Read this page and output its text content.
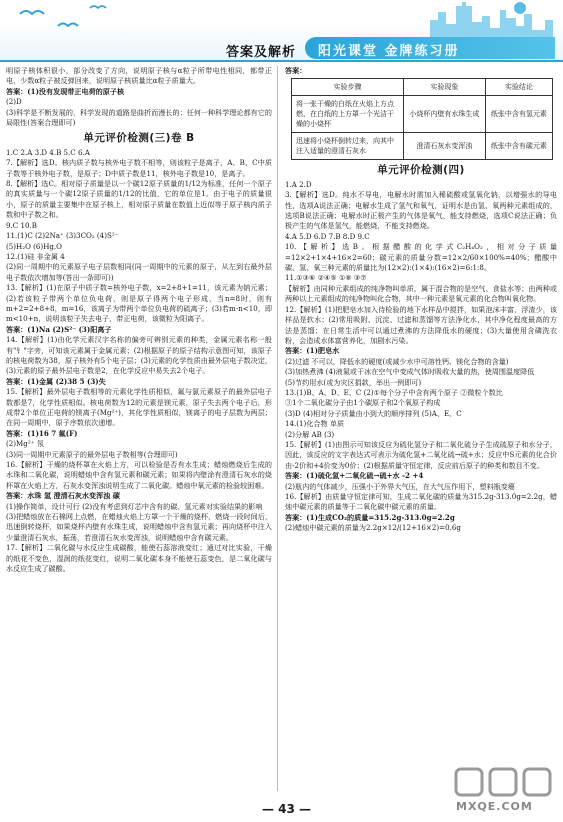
答案及解析 阳光课堂 金牌练习册

明原子核体积很小，部分改变了方向，说明原子核与α粒子所带电性相同，都带正电，少数α粒子被反弹回来，说明原子核质量比α粒子质量大。

答案：(1)没有发现带正电荷的原子核

(2)D

(3)科学是不断发展的，科学发现的道路是曲折而漫长的；任何一种科学理论都有它的局限性(答案合理即可)

单元评价检测(三)卷 B

1.C 2.A 3.D 4.B 5.C 6.A

7.【解析】选D。核内质子数与核外电子数不相等，则该粒子是离子，A、B、C中质子数等于核外电子数，是原子；D中质子数是11，核外电子数是10，是离子。

8.【解析】选C。相对原子质量是以一个碳12原子质量的1/12为标准，任何一个原子的真实质量与一个碳12原子质量的1/12的比值，它的单位是1。由于电子的质量很小，原子的质量主要集中在原子核上，相对原子质量在数值上近似等于原子核内质子数和中子数之和。

9.C 10.B

11.(1)C (2)2Na⁺ (3)3CO₂ (4)S²⁻

(5)H₂O (6)Hg,O

12.(1)硅 非金属 4

(2)同一周期中的元素原子电子层数相同(同一周期中的元素的原子，从左到右最外层电子数依次增加等(答出一条即可))

13.【解析】(1)在原子中质子数=核外电子数，x=2+8+1=11，该元素为钠元素；(2)若该粒子带两个单位负电荷，则是原子得两个电子形成，当n=8时，则有m+2=2+8+8，m=16，该离子为带两个单位负电荷的硫离子；(3)若m-n<10，即m<10+n，说明该粒子失去电子，带正电荷，该微粒为阳离子。

答案：(1)Na (2)S²⁻ (3)阳离子

14.【解析】(1)由化学元素汉字名称的偏旁可辨别元素的种类，金属元素名称一般有"钅"字旁，可知该元素属于金属元素；(2)根据原子的原子结构示意图可知，该原子的核电荷数为38，原子核外有5个电子层；(3)元素的化学性质由最外层电子数决定，(3)元素的原子最外层电子数是2，在化学反应中易失去2个电子。

答案：(1)金属 (2)38 5 (3)失

15.【解析】最外层电子数相等的元素化学性质相似，氟与氯元素原子的最外层电子数都是7，化学性质相似。核电荷数为12的元素是镁元素，原子失去两个电子后，形成带2个单位正电荷的镁离子(Mg²⁺)，其化学性质相似，镁离子的电子层数为两层；在同一周期中，原子序数依次递增。

答案：(1)16 7 氟(F)

(2)Mg²⁺ 氖

(3)同一周期中元素原子的最外层电子数相等(合理即可)

16.【解析】干燥的烧杯罩在火焰上方，可以检验是否有水生成；蜡烛燃烧后生成的水珠和二氧化碳，说明蜡烛中含有氢元素和碳元素；如果将内壁涂有澄清石灰水的烧杯罩在火焰上方，石灰水变浑浊说明生成了二氧化碳。蜡烛中氧元素的检验较困难。

答案：水珠 氢 澄清石灰水变浑浊 碳

(1)操作简单，设计可行 (2)没有考虑到灯芯中含有的碳、氢元素对实验结果的影响

(3)把蜡烛放在石棉网上点燃，在蜡烛火焰上方罩一个干燥的烧杯，燃烧一段时间后，迅速倒转烧杯，如果烧杯内壁有水珠生成，说明蜡烛中含有氢元素；再向烧杯中注入少量澄清石灰水，振荡，若澄清石灰水变浑浊，说明蜡烛中含有碳元素。

17.【解析】二氧化碳与水反应生成碳酸，能使石蕊溶液变红；通过对比实验，干燥的纸花不变色，湿润的纸花变红，说明二氧化碳本身不能使石蕊变色，是二氧化碳与水反应生成了碳酸。

答案：

实验步骤	实验现象	实验结论
将一张干燥的白纸在火焰上方点燃，在白纸的上方罩一个光洁干燥的小烧杯	小烧杯内壁有水珠生成	纸张中含有氢元素
迅速将小烧杯倒转过来，向其中注入适量的澄清石灰水	澄清石灰水变浑浊	纸张中含有碳元素
单元评价检测(四)

1.A 2.D

3.【解析】选D。纯水不导电，电解水时需加入稀硫酸或氢氧化钠，以增强水的导电性，选项A说法正确；电解水生成了氢气和氧气，证明水是由氢、氧两种元素组成的，选项B说法正确；电解水时正极产生的气体是氧气，能支持燃烧，选项C说法正确；负极产生的气体是氢气，能燃烧，不能支持燃烧。

4.A 5.D 6.D 7.B 8.D 9.C

10.【解析】选B。根据醋酸的化学式C₂H₄O₂，相对分子质量=12×2+1×4+16×2=60；碳元素的质量分数=12×2/60×100%=40%；醋酸中碳、氢、氧三种元素的质量比为(12×2):(1×4):(16×2)=6:1:8。

11.①③⑥ ②④⑤ ①⑧ ③⑦

【解析】由同种元素组成的纯净物叫单质，属于混合物的是空气、食盐水等；由两种或两种以上元素组成的纯净物叫化合物，其中一种元素是氧元素的化合物叫氧化物。

12.【解析】(1)把肥皂水加入待检验的地下水样品中搅拌，如果泡沫丰富，浮渣少，该样品是软水；(2)常用吸附、沉淀、过滤和蒸馏等方法净化水，其中净化程度最高的方法是蒸馏；在日常生活中可以通过煮沸的方法降低水的硬度；(3)大量使用含磷洗衣粉，会造成水体富营养化，加剧水污染。

答案：(1)肥皂水

(2)过滤 不可以，降低水的硬度(或减少水中可溶性钙、镁化合物的含量)

(3)加热煮沸 (4)液氮或干冰在空气中变成气体时吸收大量的热，使周围温度降低

(5)节约用水(或为灾区捐款，举出一例即可)

13.(1)B、A、D、E、C (2)①每个分子中含有两个原子 ②微粒个数比

③1个二氧化碳分子由1个碳原子和2个氧原子构成

(3)D (4)相对分子质量由小到大的顺序排列 (5)A、E、C

14.(1)化合物 单质

(2)分解 AB (3)

15.【解析】(1)由图示可知该反应为硫化氢分子和二氧化硫分子生成硫原子和水分子，因此，该反应的文字表达式可表示为硫化氢+二氧化硫→硫+水；反应中S元素的化合价由-2价和+4价变为0价；(2)根据质量守恒定律，反应前后原子的种类和数目不变。

答案：(1)硫化氢+二氧化硫→硫+水 -2 +4

(2)瓶内的气体减少，压强小于外界大气压，在大气压作用下，塑料瓶变瘪

16.【解析】由质量守恒定律可知，生成二氧化碳的质量为315.2g-313.0g=2.2g，蜡烛中碳元素的质量等于二氧化碳中碳元素的质量。

答案：(1)生成CO₂的质量=315.2g-313.0g=2.2g

(2)蜡烛中碳元素的质量为2.2g×12/(12+16×2)=0.6g

— 43 —	MXQE.COM
